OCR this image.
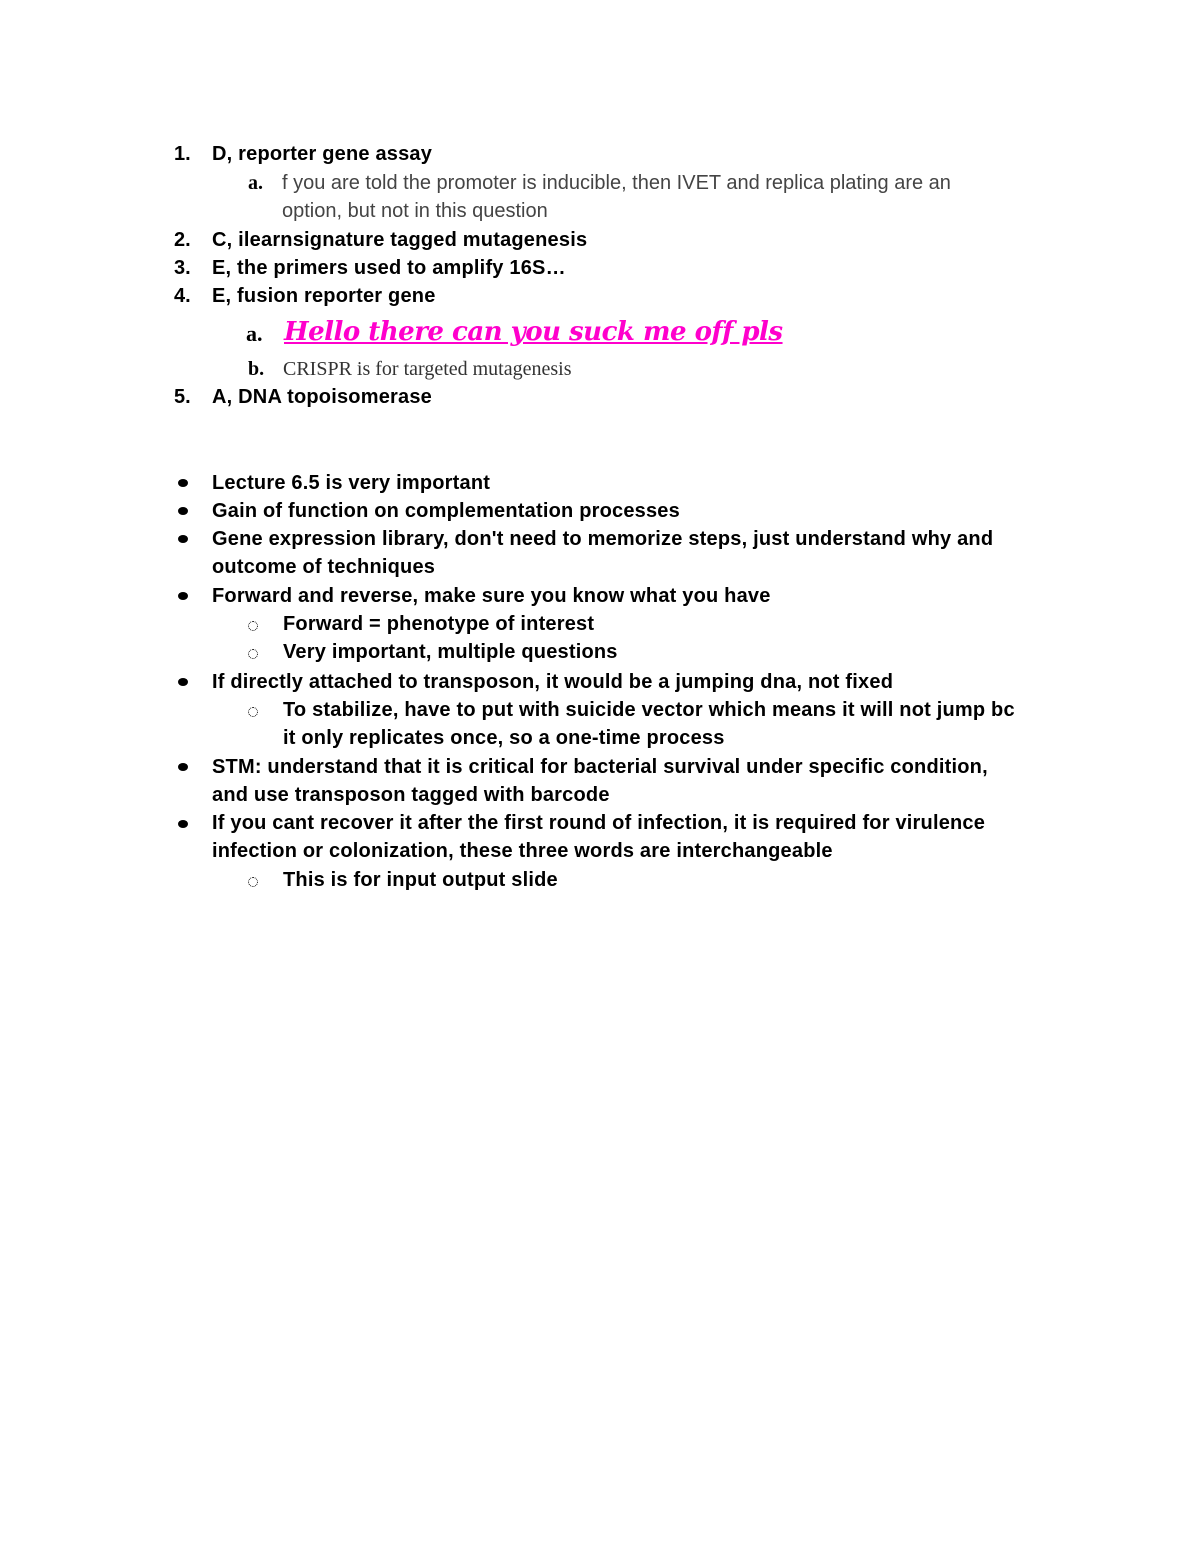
1. D, reporter gene assay
a. f you are told the promoter is inducible, then IVET and replica plating are an
option, but not in this question
2. C, ilearnsignature tagged mutagenesis
3. E, the primers used to amplify 16S…
4. E, fusion reporter gene
a. Hello there can you suck me off pls
b. CRISPR is for targeted mutagenesis
5. A, DNA topoisomerase
Lecture 6.5 is very important
Gain of function on complementation processes
Gene expression library, don't need to memorize steps, just understand why and
outcome of techniques
Forward and reverse, make sure you know what you have
Forward = phenotype of interest
Very important, multiple questions
If directly attached to transposon, it would be a jumping dna, not fixed
To stabilize, have to put with suicide vector which means it will not jump bc
it only replicates once, so a one-time process
STM: understand that it is critical for bacterial survival under specific condition,
and use transposon tagged with barcode
If you cant recover it after the first round of infection, it is required for virulence
infection or colonization, these three words are interchangeable
This is for input output slide
